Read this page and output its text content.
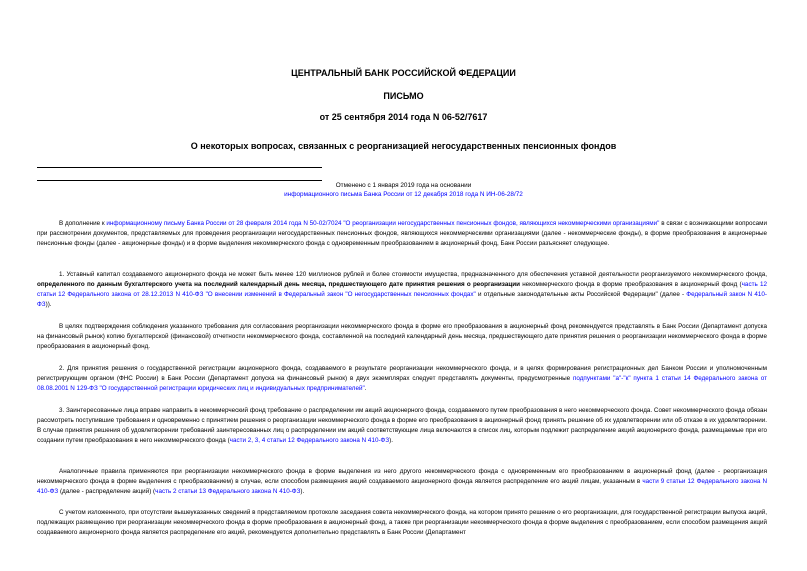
ЦЕНТРАЛЬНЫЙ БАНК РОССИЙСКОЙ ФЕДЕРАЦИИ
ПИСЬМО
от 25 сентября 2014 года N 06-52/7617
О некоторых вопросах, связанных с реорганизацией негосударственных пенсионных фондов
Отменено с 1 января 2019 года на основании
информационного письма Банка России от 12 декабря 2018 года N ИН-06-28/72

В дополнение к информационному письму Банка России от 28 февраля 2014 года N 50-02/7024 "О реорганизации негосударственных пенсионных фондов, являющихся некоммерческими организациями" в связи с возникающими вопросами при рассмотрении документов, представляемых для проведения реорганизации негосударственных пенсионных фондов, являющихся некоммерческими организациями (далее - некоммерческие фонды), в форме преобразования в акционерные пенсионные фонды (далее - акционерные фонды) и в форме выделения некоммерческого фонда с одновременным преобразованием в акционерный фонд, Банк России разъясняет следующее.

1. Уставный капитал создаваемого акционерного фонда не может быть менее 120 миллионов рублей и более стоимости имущества, предназначенного для обеспечения уставной деятельности реорганизуемого некоммерческого фонда, определенного по данным бухгалтерского учета на последний календарный день месяца, предшествующего дате принятия решения о реорганизации некоммерческого фонда в форме преобразования в акционерный фонд (часть 12 статьи 12 Федерального закона от 28.12.2013 N 410-ФЗ "О внесении изменений в Федеральный закон "О негосударственных пенсионных фондах" и отдельные законодательные акты Российской Федерации" (далее - Федеральный закон N 410-ФЗ)).

В целях подтверждения соблюдения указанного требования для согласования реорганизации некоммерческого фонда в форме его преобразования в акционерный фонд рекомендуется представлять в Банк России (Департамент допуска на финансовый рынок) копию бухгалтерской (финансовой) отчетности некоммерческого фонда, составленной на последний календарный день месяца, предшествующего дате принятия решения о реорганизации некоммерческого фонда в форме преобразования в акционерный фонд.

2. Для принятия решения о государственной регистрации акционерного фонда, создаваемого в результате реорганизации некоммерческого фонда, и в целях формирования регистрационных дел Банком России и уполномоченным регистрирующим органом (ФНС России) в Банк России (Департамент допуска на финансовый рынок) в двух экземплярах следует представлять документы, предусмотренные подпунктами "а"-"к" пункта 1 статьи 14 Федерального закона от 08.08.2001 N 129-ФЗ "О государственной регистрации юридических лиц и индивидуальных предпринимателей".

3. Заинтересованные лица вправе направить в некоммерческий фонд требование о распределении им акций акционерного фонда, создаваемого путем преобразования в него некоммерческого фонда. Совет некоммерческого фонда обязан рассмотреть поступившие требования и одновременно с принятием решения о реорганизации некоммерческого фонда в форме его преобразования в акционерный фонд принять решение об их удовлетворении или об отказе в их удовлетворении. В случае принятия решения об удовлетворении требований заинтересованных лиц о распределении им акций соответствующие лица включаются в список лиц, которым подлежит распределение акций акционерного фонда, размещаемые при его создании путем преобразования в него некоммерческого фонда (части 2, 3, 4 статьи 12 Федерального закона N 410-ФЗ).

Аналогичные правила применяются при реорганизации некоммерческого фонда в форме выделения из него другого некоммерческого фонда с одновременным его преобразованием в акционерный фонд (далее - реорганизация некоммерческого фонда в форме выделения с преобразованием) в случае, если способом размещения акций создаваемого акционерного фонда является распределение его акций лицам, указанным в части 9 статьи 12 Федерального закона N 410-ФЗ (далее - распределение акций) (часть 2 статьи 13 Федерального закона N 410-ФЗ).

С учетом изложенного, при отсутствии вышеуказанных сведений в представляемом протоколе заседания совета некоммерческого фонда, на котором принято решение о его реорганизации, для государственной регистрации выпуска акций, подлежащих размещению при реорганизации некоммерческого фонда в форме преобразования в акционерный фонд, а также при реорганизации некоммерческого фонда в форме выделения с преобразованием, если способом размещения акций создаваемого акционерного фонда является распределение его акций, рекомендуется дополнительно представлять в Банк России (Департамент
